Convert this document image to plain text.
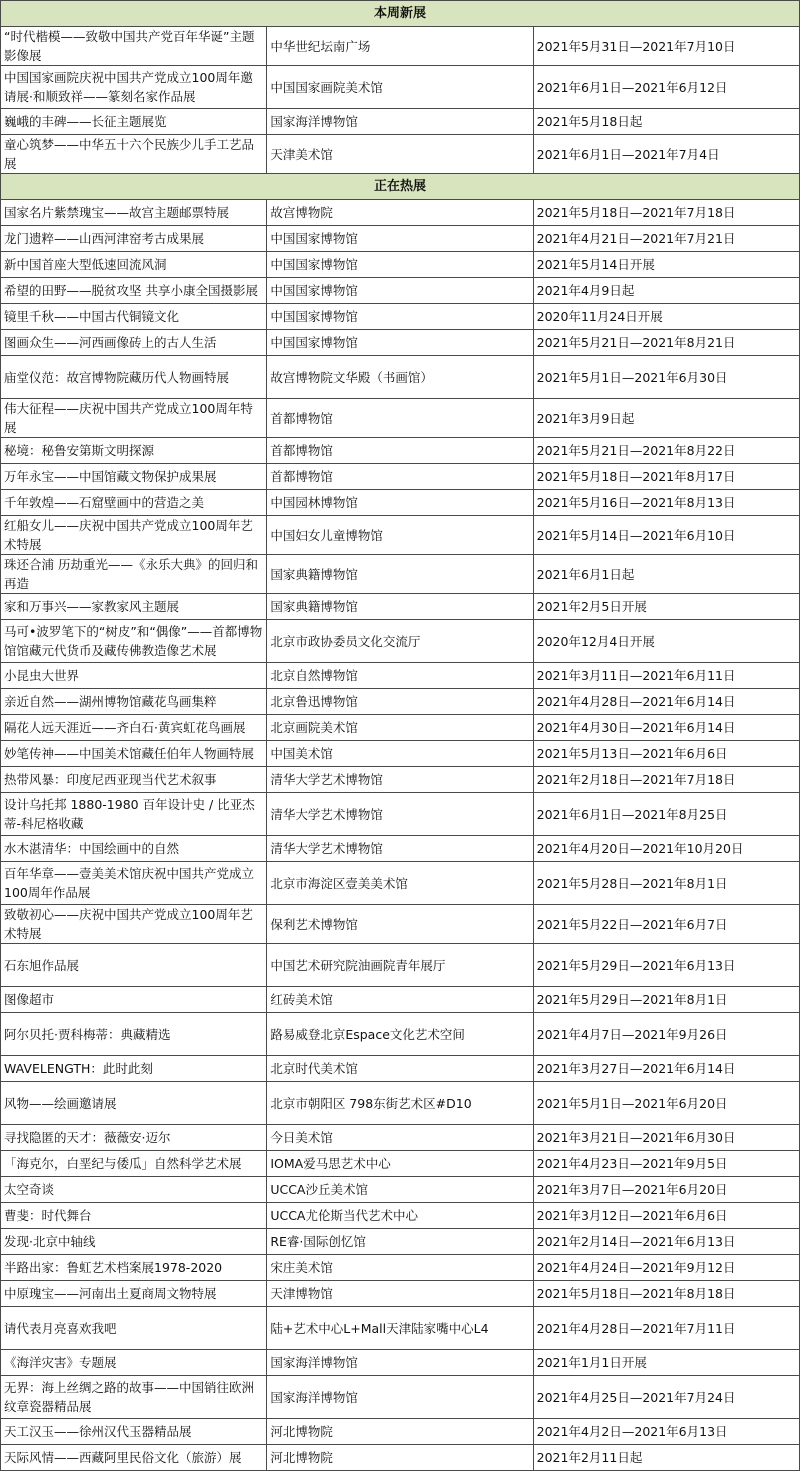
本周新展		
“时代楷模——致敬中国共产党百年华诞”主题影像展	中华世纪坛南广场	2021年5月31日—2021年7月10日
中国国家画院庆祝中国共产党成立100周年邀请展·和顺致祥——篆刻名家作品展	中国国家画院美术馆	2021年6月1日—2021年6月12日
巍峨的丰碑——长征主题展览	国家海洋博物馆	2021年5月18日起
童心筑梦——中华五十六个民族少儿手工艺品展	天津美术馆	2021年6月1日—2021年7月4日
正在热展		
国家名片紫禁瑰宝——故宫主题邮票特展	故宫博物院	2021年5月18日—2021年7月18日
龙门遗粹——山西河津窑考古成果展	中国国家博物馆	2021年4月21日—2021年7月21日
新中国首座大型低速回流风洞	中国国家博物馆	2021年5月14日开展
希望的田野——脱贫攻坚 共享小康全国摄影展	中国国家博物馆	2021年4月9日起
镜里千秋——中国古代铜镜文化	中国国家博物馆	2020年11月24日开展
图画众生——河西画像砖上的古人生活	中国国家博物馆	2021年5月21日—2021年8月21日
庙堂仪范：故宫博物院藏历代人物画特展	故宫博物院文华殿（书画馆）	2021年5月1日—2021年6月30日
伟大征程——庆祝中国共产党成立100周年特展	首都博物馆	2021年3月9日起
秘境：秘鲁安第斯文明探源	首都博物馆	2021年5月21日—2021年8月22日
万年永宝——中国馆藏文物保护成果展	首都博物馆	2021年5月18日—2021年8月17日
千年敦煌——石窟壁画中的营造之美	中国园林博物馆	2021年5月16日—2021年8月13日
红船女儿——庆祝中国共产党成立100周年艺术特展	中国妇女儿童博物馆	2021年5月14日—2021年6月10日
珠还合浦 历劫重光——《永乐大典》的回归和再造	国家典籍博物馆	2021年6月1日起
家和万事兴——家教家风主题展	国家典籍博物馆	2021年2月5日开展
马可•波罗笔下的“树皮”和“偶像”——首都博物馆馆藏元代货币及藏传佛教造像艺术展	北京市政协委员文化交流厅	2020年12月4日开展
小昆虫大世界	北京自然博物馆	2021年3月11日—2021年6月11日
亲近自然——湖州博物馆藏花鸟画集粹	北京鲁迅博物馆	2021年4月28日—2021年6月14日
隔花人远天涯近——齐白石·黄宾虹花鸟画展	北京画院美术馆	2021年4月30日—2021年6月14日
妙笔传神——中国美术馆藏任伯年人物画特展	中国美术馆	2021年5月13日—2021年6月6日
热带风暴：印度尼西亚现当代艺术叙事	清华大学艺术博物馆	2021年2月18日—2021年7月18日
设计乌托邦 1880-1980 百年设计史 / 比亚杰蒂-科尼格收藏	清华大学艺术博物馆	2021年6月1日—2021年8月25日
水木湛清华：中国绘画中的自然	清华大学艺术博物馆	2021年4月20日—2021年10月20日
百年华章——壹美美术馆庆祝中国共产党成立100周年作品展	北京市海淀区壹美美术馆	2021年5月28日—2021年8月1日
致敬初心——庆祝中国共产党成立100周年艺术特展	保利艺术博物馆	2021年5月22日—2021年6月7日
石东旭作品展	中国艺术研究院油画院青年展厅	2021年5月29日—2021年6月13日
图像超市	红砖美术馆	2021年5月29日—2021年8月1日
阿尔贝托·贾科梅蒂：典藏精选	路易威登北京Espace文化艺术空间	2021年4月7日—2021年9月26日
WAVELENGTH：此时此刻	北京时代美术馆	2021年3月27日—2021年6月14日
风物——绘画邀请展	北京市朝阳区 798东街艺术区#D10	2021年5月1日—2021年6月20日
寻找隐匿的天才：薇薇安·迈尔	今日美术馆	2021年3月21日—2021年6月30日
「海克尔，白垩纪与倭瓜」自然科学艺术展	IOMA爱马思艺术中心	2021年4月23日—2021年9月5日
太空奇谈	UCCA沙丘美术馆	2021年3月7日—2021年6月20日
曹斐：时代舞台	UCCA尤伦斯当代艺术中心	2021年3月12日—2021年6月6日
发现·北京中轴线	RE睿·国际创忆馆	2021年2月14日—2021年6月13日
半路出家：鲁虹艺术档案展1978-2020	宋庄美术馆	2021年4月24日—2021年9月12日
中原瑰宝——河南出土夏商周文物特展	天津博物馆	2021年5月18日—2021年8月18日
请代表月亮喜欢我吧	陆+艺术中心L+Mall天津陆家嘴中心L4	2021年4月28日—2021年7月11日
《海洋灾害》专题展	国家海洋博物馆	2021年1月1日开展
无界：海上丝绸之路的故事——中国销往欧洲纹章瓷器精品展	国家海洋博物馆	2021年4月25日—2021年7月24日
天工汉玉——徐州汉代玉器精品展	河北博物院	2021年4月2日—2021年6月13日
天际风情——西藏阿里民俗文化（旅游）展	河北博物院	2021年2月11日起
